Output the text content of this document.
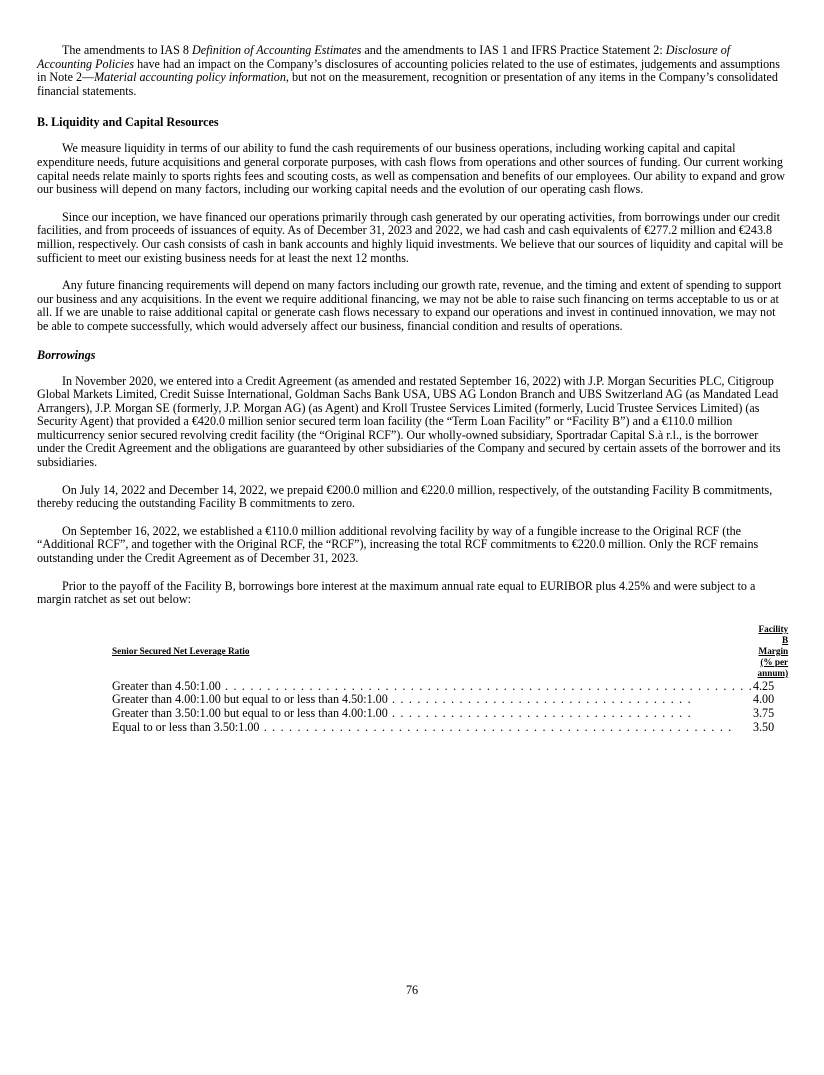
The amendments to IAS 8 Definition of Accounting Estimates and the amendments to IAS 1 and IFRS Practice Statement 2: Disclosure of Accounting Policies have had an impact on the Company’s disclosures of accounting policies related to the use of estimates, judgements and assumptions in Note 2—Material accounting policy information, but not on the measurement, recognition or presentation of any items in the Company’s consolidated financial statements.

B. Liquidity and Capital Resources

We measure liquidity in terms of our ability to fund the cash requirements of our business operations, including working capital and capital expenditure needs, future acquisitions and general corporate purposes, with cash flows from operations and other sources of funding. Our current working capital needs relate mainly to sports rights fees and scouting costs, as well as compensation and benefits of our employees. Our ability to expand and grow our business will depend on many factors, including our working capital needs and the evolution of our operating cash flows.

Since our inception, we have financed our operations primarily through cash generated by our operating activities, from borrowings under our credit facilities, and from proceeds of issuances of equity. As of December 31, 2023 and 2022, we had cash and cash equivalents of €277.2 million and €243.8 million, respectively. Our cash consists of cash in bank accounts and highly liquid investments. We believe that our sources of liquidity and capital will be sufficient to meet our existing business needs for at least the next 12 months.

Any future financing requirements will depend on many factors including our growth rate, revenue, and the timing and extent of spending to support our business and any acquisitions. In the event we require additional financing, we may not be able to raise such financing on terms acceptable to us or at all. If we are unable to raise additional capital or generate cash flows necessary to expand our operations and invest in continued innovation, we may not be able to compete successfully, which would adversely affect our business, financial condition and results of operations.

Borrowings

In November 2020, we entered into a Credit Agreement (as amended and restated September 16, 2022) with J.P. Morgan Securities PLC, Citigroup Global Markets Limited, Credit Suisse International, Goldman Sachs Bank USA, UBS AG London Branch and UBS Switzerland AG (as Mandated Lead Arrangers), J.P. Morgan SE (formerly, J.P. Morgan AG) (as Agent) and Kroll Trustee Services Limited (formerly, Lucid Trustee Services Limited) (as Security Agent) that provided a €420.0 million senior secured term loan facility (the “Term Loan Facility” or “Facility B”) and a €110.0 million multicurrency senior secured revolving credit facility (the “Original RCF”). Our wholly-owned subsidiary, Sportradar Capital S.à r.l., is the borrower under the Credit Agreement and the obligations are guaranteed by other subsidiaries of the Company and secured by certain assets of the borrower and its subsidiaries.

On July 14, 2022 and December 14, 2022, we prepaid €200.0 million and €220.0 million, respectively, of the outstanding Facility B commitments, thereby reducing the outstanding Facility B commitments to zero.

On September 16, 2022, we established a €110.0 million additional revolving facility by way of a fungible increase to the Original RCF (the “Additional RCF”, and together with the Original RCF, the “RCF”), increasing the total RCF commitments to €220.0 million. Only the RCF remains outstanding under the Credit Agreement as of December 31, 2023.

Prior to the payoff of the Facility B, borrowings bore interest at the maximum annual rate equal to EURIBOR plus 4.25% and were subject to a margin ratchet as set out below:

Senior Secured Net Leverage Ratio	Facility B Margin (% per annum)
Greater than 4.50:1.00 . . . . . . . . . . . . . . . . . . . . . . . . . . . . . . . . . . . . . . . . . . . . . . . . . . . . . . . . . . . . . . .	4.25
Greater than 4.00:1.00 but equal to or less than 4.50:1.00 . . . . . . . . . . . . . . . . . . . . . . . . . . . . . . . . . . . .	4.00
Greater than 3.50:1.00 but equal to or less than 4.00:1.00 . . . . . . . . . . . . . . . . . . . . . . . . . . . . . . . . . . . .	3.75
Equal to or less than 3.50:1.00 . . . . . . . . . . . . . . . . . . . . . . . . . . . . . . . . . . . . . . . . . . . . . . . . . . . . . . . .	3.50
76
